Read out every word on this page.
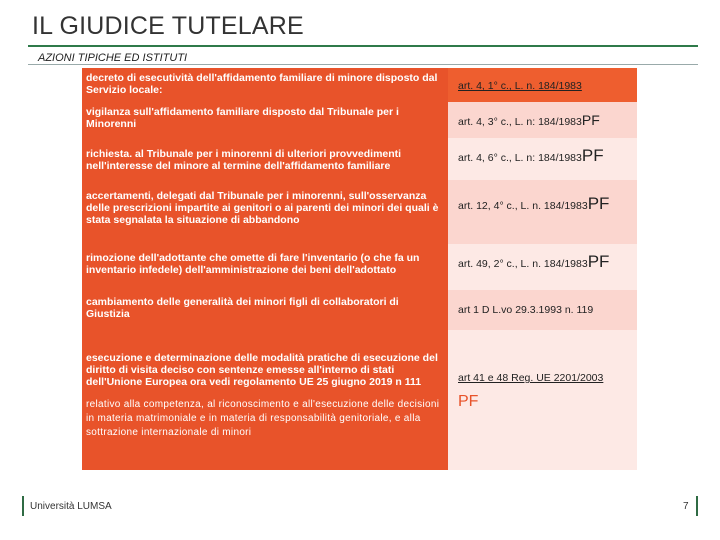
IL GIUDICE TUTELARE
AZIONI TIPICHE ED ISTITUTI
decreto di esecutività dell'affidamento familiare di minore disposto dal Servizio locale:	art. 4, 1° c., L. n. 184/1983
vigilanza sull'affidamento familiare disposto dal Tribunale per i Minorenni	art. 4, 3° c., L. n: 184/1983PF
richiesta. al Tribunale per i minorenni di ulteriori provvedimenti nell'interesse del minore al termine dell'affidamento familiare	art. 4, 6° c., L. n: 184/1983PF
accertamenti, delegati dal Tribunale per i minorenni, sull'osservanza delle prescrizioni impartite ai genitori o ai parenti dei minori dei quali è stata segnalata la situazione di abbandono	art. 12, 4° c., L. n. 184/1983PF
rimozione dell'adottante che omette di fare l'inventario (o che fa un inventario infedele) dell'amministrazione dei beni dell'adottato	art. 49, 2° c., L. n. 184/1983PF
cambiamento delle generalità dei minori figli di collaboratori di Giustizia	art 1 D L.vo 29.3.1993 n. 119
esecuzione e determinazione delle modalità pratiche di esecuzione del diritto di visita deciso con sentenze emesse all'interno di stati dell'Unione Europea ora vedi regolamento UE 25 giugno 2019 n 111
relativo alla competenza, al riconoscimento e all'esecuzione delle decisioni in materia matrimoniale e in materia di responsabilità genitoriale, e alla sottrazione internazionale di minori	art 41 e 48 Reg. UE 2201/2003
PF
Università LUMSA	7
